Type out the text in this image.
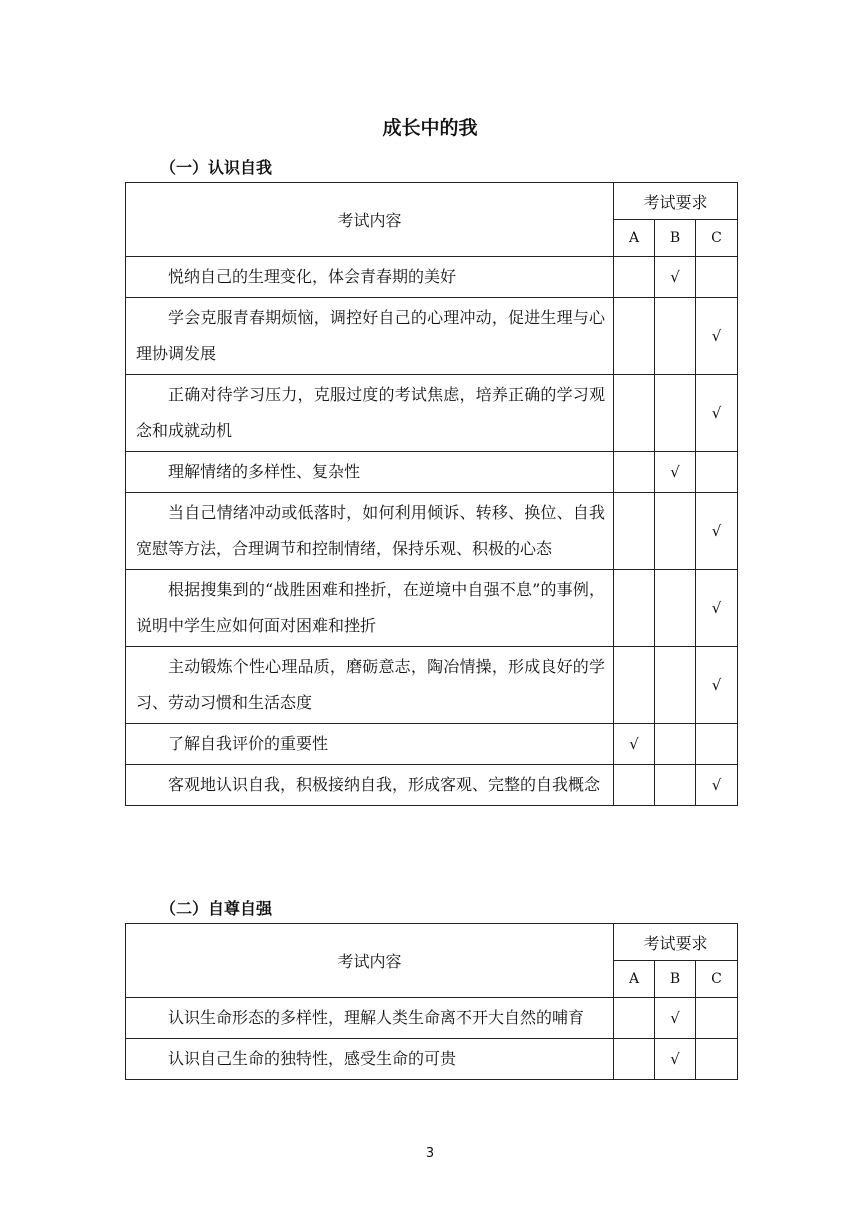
成长中的我
（一）认识自我
考试内容	考试要求		
	A	B	C
悦纳自己的生理变化，体会青春期的美好		√	
学会克服青春期烦恼，调控好自己的心理冲动，促进生理与心理协调发展			√
正确对待学习压力，克服过度的考试焦虑，培养正确的学习观念和成就动机			√
理解情绪的多样性、复杂性		√	
当自己情绪冲动或低落时，如何利用倾诉、转移、换位、自我宽慰等方法，合理调节和控制情绪，保持乐观、积极的心态			√
根据搜集到的“战胜困难和挫折，在逆境中自强不息”的事例，说明中学生应如何面对困难和挫折			√
主动锻炼个性心理品质，磨砺意志，陶冶情操，形成良好的学习、劳动习惯和生活态度			√
了解自我评价的重要性	√		
客观地认识自我，积极接纳自我，形成客观、完整的自我概念			√
（二）自尊自强
考试内容	考试要求		
	A	B	C
认识生命形态的多样性，理解人类生命离不开大自然的哺育		√	
认识自己生命的独特性，感受生命的可贵		√	
3
